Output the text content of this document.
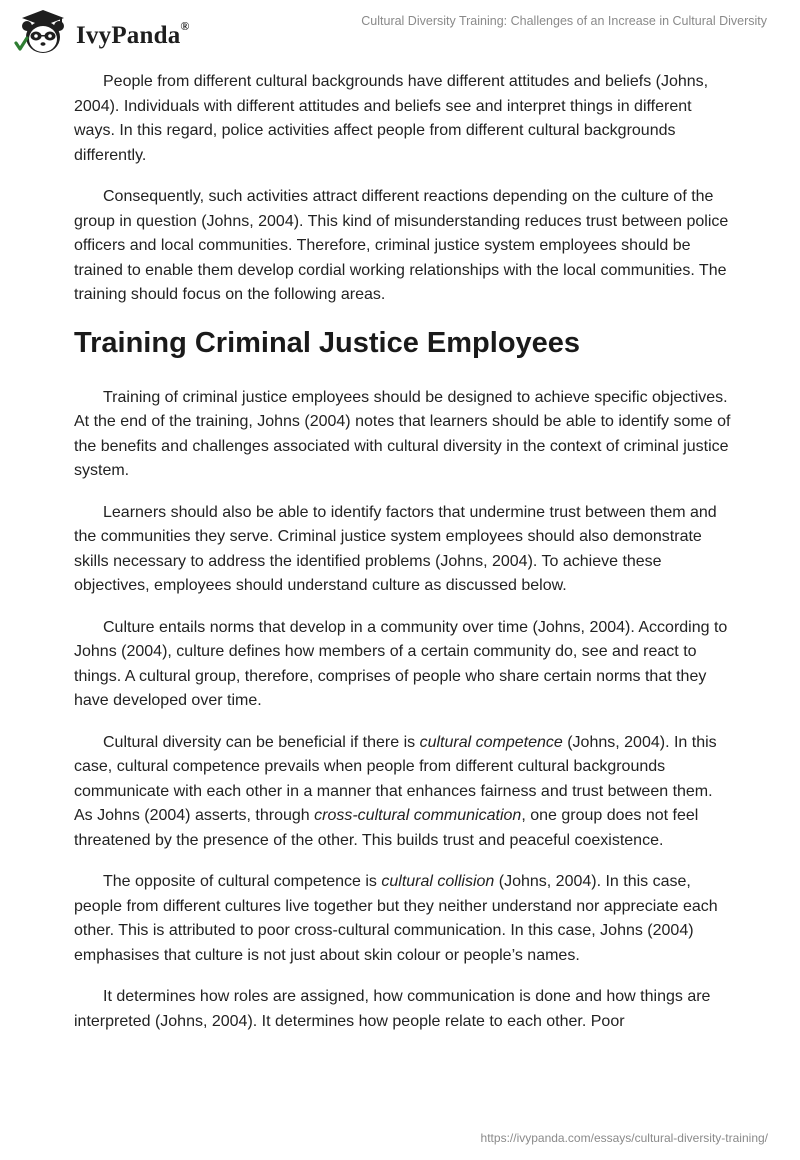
IvyPanda®	Cultural Diversity Training: Challenges of an Increase in Cultural Diversity

People from different cultural backgrounds have different attitudes and beliefs (Johns, 2004). Individuals with different attitudes and beliefs see and interpret things in different ways. In this regard, police activities affect people from different cultural backgrounds differently.

Consequently, such activities attract different reactions depending on the culture of the group in question (Johns, 2004). This kind of misunderstanding reduces trust between police officers and local communities. Therefore, criminal justice system employees should be trained to enable them develop cordial working relationships with the local communities. The training should focus on the following areas.

Training Criminal Justice Employees

Training of criminal justice employees should be designed to achieve specific objectives. At the end of the training, Johns (2004) notes that learners should be able to identify some of the benefits and challenges associated with cultural diversity in the context of criminal justice system.

Learners should also be able to identify factors that undermine trust between them and the communities they serve. Criminal justice system employees should also demonstrate skills necessary to address the identified problems (Johns, 2004). To achieve these objectives, employees should understand culture as discussed below.

Culture entails norms that develop in a community over time (Johns, 2004). According to Johns (2004), culture defines how members of a certain community do, see and react to things. A cultural group, therefore, comprises of people who share certain norms that they have developed over time.

Cultural diversity can be beneficial if there is cultural competence (Johns, 2004). In this case, cultural competence prevails when people from different cultural backgrounds communicate with each other in a manner that enhances fairness and trust between them. As Johns (2004) asserts, through cross-cultural communication, one group does not feel threatened by the presence of the other. This builds trust and peaceful coexistence.

The opposite of cultural competence is cultural collision (Johns, 2004). In this case, people from different cultures live together but they neither understand nor appreciate each other. This is attributed to poor cross-cultural communication. In this case, Johns (2004) emphasises that culture is not just about skin colour or people’s names.

It determines how roles are assigned, how communication is done and how things are interpreted (Johns, 2004). It determines how people relate to each other. Poor

https://ivypanda.com/essays/cultural-diversity-training/
